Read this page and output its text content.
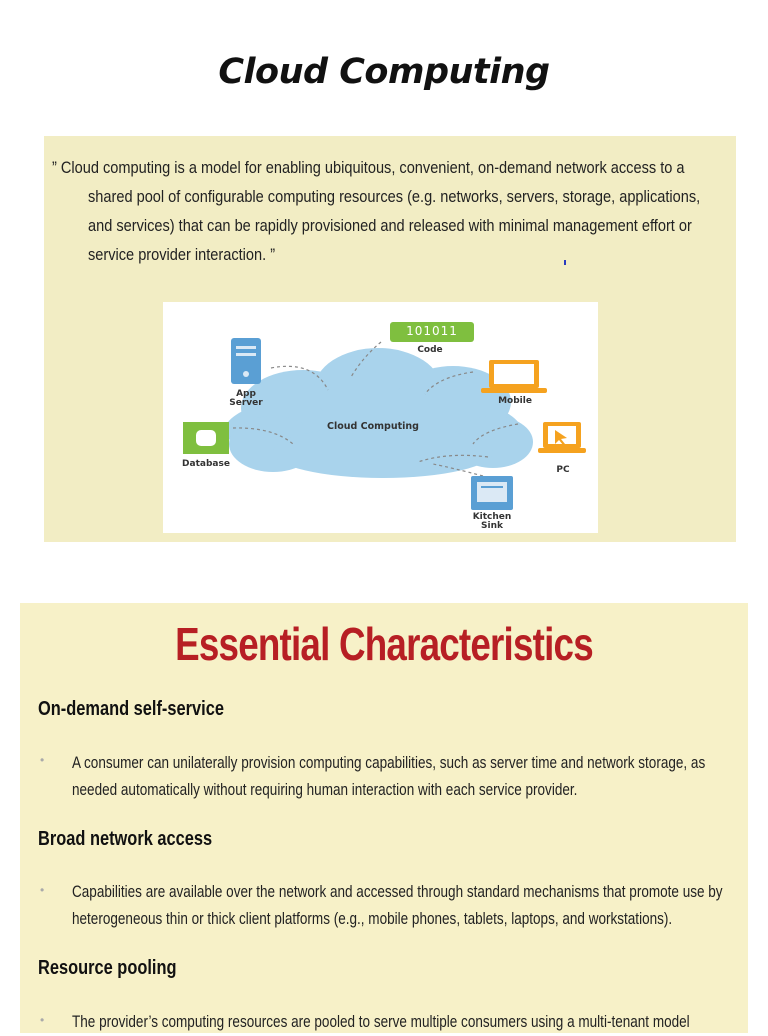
Cloud Computing
” Cloud computing is a model for enabling ubiquitous, convenient, on-demand network access to a
shared pool of configurable computing resources (e.g. networks, servers, storage, applications,
and services) that can be rapidly provisioned and released with minimal management effort or
service provider interaction. ”
101011
Code
App
Server	Mobile
Cloud Computing
Database
PC
Kitchen
Sink
Essential Characteristics
On-demand self-service
•	A consumer can unilaterally provision computing capabilities, such as server time and network storage, as
needed automatically without requiring human interaction with each service provider.
Broad network access
•	Capabilities are available over the network and accessed through standard mechanisms that promote use by
heterogeneous thin or thick client platforms (e.g., mobile phones, tablets, laptops, and workstations).
Resource pooling
•	The provider’s computing resources are pooled to serve multiple consumers using a multi-tenant model
